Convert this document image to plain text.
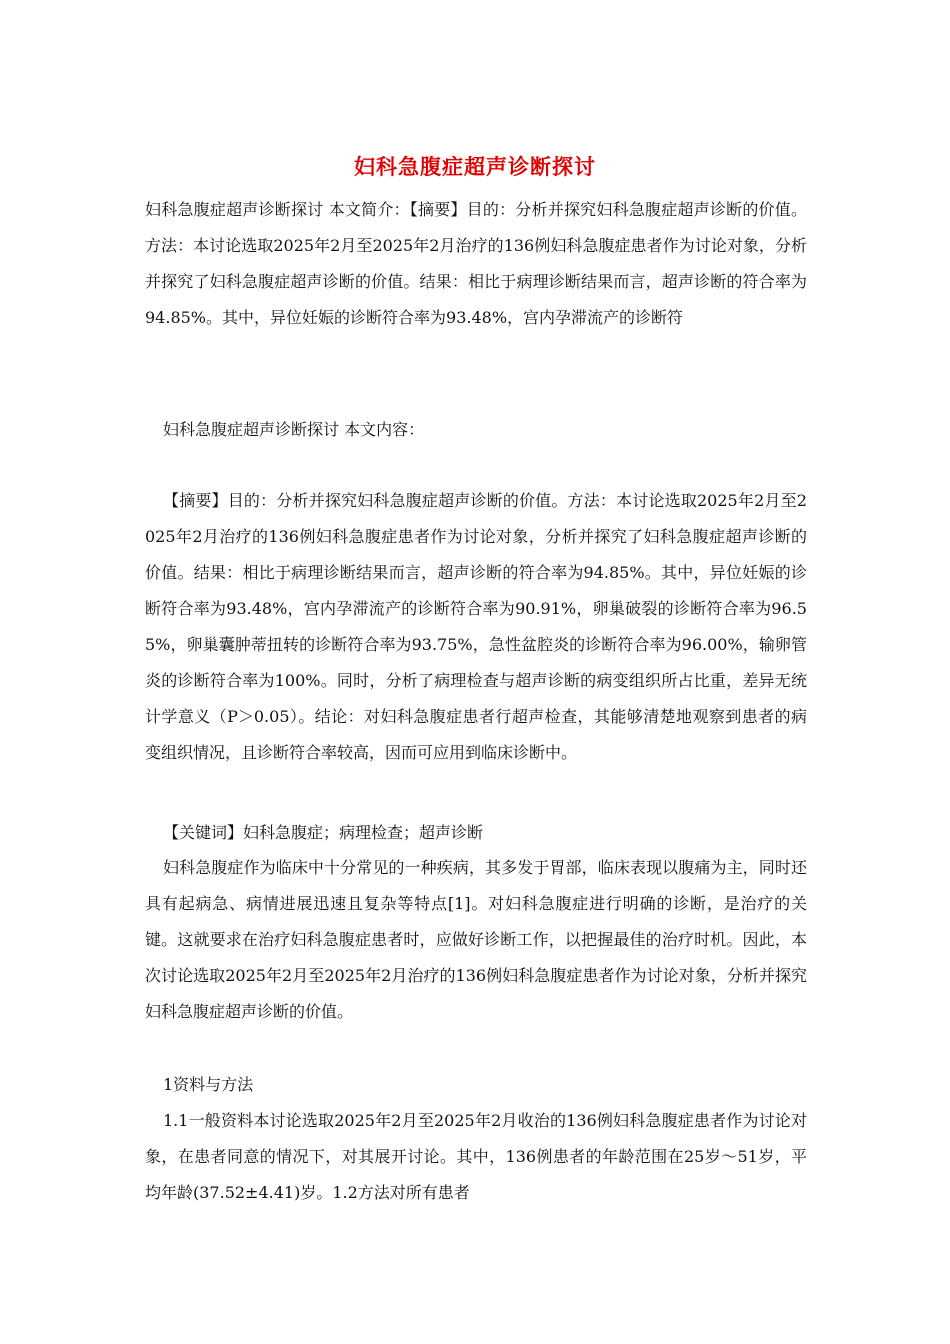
妇科急腹症超声诊断探讨
妇科急腹症超声诊断探讨 本文简介：【摘要】目的：分析并探究妇科急腹症超声诊断的价值。方法：本讨论选取2025年2月至2025年2月治疗的136例妇科急腹症患者作为讨论对象，分析并探究了妇科急腹症超声诊断的价值。结果：相比于病理诊断结果而言，超声诊断的符合率为94.85%。其中，异位妊娠的诊断符合率为93.48%，宫内孕滞流产的诊断符
妇科急腹症超声诊断探讨 本文内容：
【摘要】目的：分析并探究妇科急腹症超声诊断的价值。方法：本讨论选取2025年2月至2025年2月治疗的136例妇科急腹症患者作为讨论对象，分析并探究了妇科急腹症超声诊断的价值。结果：相比于病理诊断结果而言，超声诊断的符合率为94.85%。其中，异位妊娠的诊断符合率为93.48%，宫内孕滞流产的诊断符合率为90.91%，卵巢破裂的诊断符合率为96.55%，卵巢囊肿蒂扭转的诊断符合率为93.75%，急性盆腔炎的诊断符合率为96.00%，输卵管炎的诊断符合率为100%。同时，分析了病理检查与超声诊断的病变组织所占比重，差异无统计学意义（P＞0.05）。结论：对妇科急腹症患者行超声检查，其能够清楚地观察到患者的病变组织情况，且诊断符合率较高，因而可应用到临床诊断中。
【关键词】妇科急腹症；病理检查；超声诊断
妇科急腹症作为临床中十分常见的一种疾病，其多发于胃部，临床表现以腹痛为主，同时还具有起病急、病情进展迅速且复杂等特点[1]。对妇科急腹症进行明确的诊断，是治疗的关键。这就要求在治疗妇科急腹症患者时，应做好诊断工作，以把握最佳的治疗时机。因此，本次讨论选取2025年2月至2025年2月治疗的136例妇科急腹症患者作为讨论对象，分析并探究妇科急腹症超声诊断的价值。
1资料与方法
1.1一般资料本讨论选取2025年2月至2025年2月收治的136例妇科急腹症患者作为讨论对象，在患者同意的情况下，对其展开讨论。其中，136例患者的年龄范围在25岁～51岁，平均年龄(37.52±4.41)岁。1.2方法对所有患者
